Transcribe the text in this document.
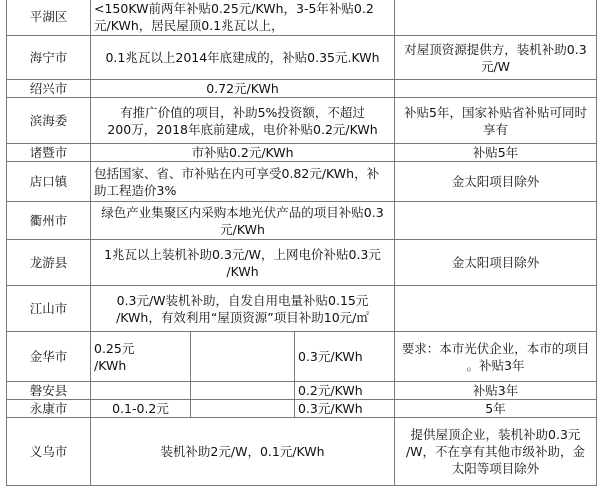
平湖区	<150KW前两年补贴0.25元/KWh，3-5年补贴0.2
元/KWh，居民屋顶0.1兆瓦以上，			
海宁市	0.1兆瓦以上2014年底建成的，补贴0.35元.KWh			对屋顶资源提供方，装机补助0.3
元/W
绍兴市	0.72元/KWh			
滨海委	有推广价值的项目，补助5%投资额，不超过
200万，2018年底前建成，电价补贴0.2元/KWh			补贴5年，国家补贴省补贴可同时
享有
诸暨市	市补贴0.2元/KWh			补贴5年
店口镇	包括国家、省、市补贴在内可享受0.82元/KWh，补
助工程造价3%			金太阳项目除外
衢州市	绿色产业集聚区内采购本地光伏产品的项目补贴0.3
元/KWh			
龙游县	1兆瓦以上装机补助0.3元/W，上网电价补贴0.3元
/KWh			金太阳项目除外
江山市	0.3元/W装机补助，自发自用电量补贴0.15元
/KWh，有效利用“屋顶资源”项目补助10元/㎡			
金华市	0.25元
/KWh		0.3元/KWh	要求：本市光伏企业，本市的项目
。补贴3年
磐安县			0.2元/KWh	补贴3年
永康市	0.1-0.2元		0.3元/KWh	5年
义乌市	装机补助2元/W，0.1元/KWh			提供屋顶企业，装机补助0.3元
/W，不在享有其他市级补助，金
太阳等项目除外
